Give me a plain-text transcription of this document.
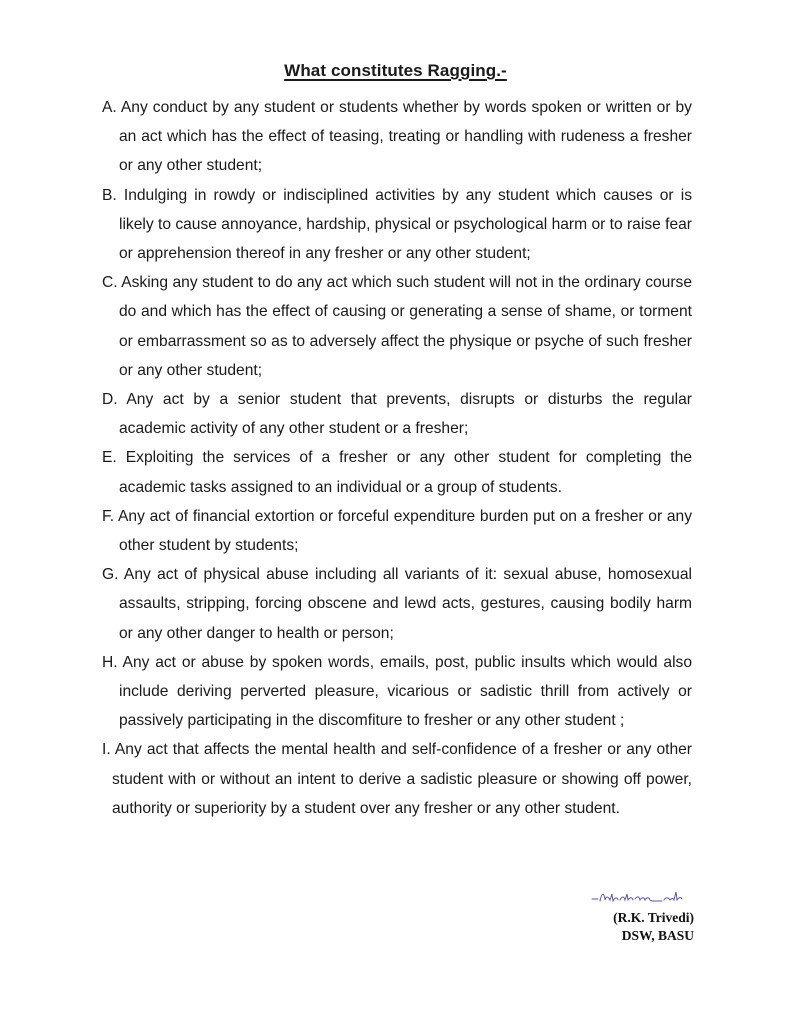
What constitutes Ragging.-
A. Any conduct by any student or students whether by words spoken or written or by an act which has the effect of teasing, treating or handling with rudeness a fresher or any other student;
B. Indulging in rowdy or indisciplined activities by any student which causes or is likely to cause annoyance, hardship, physical or psychological harm or to raise fear or apprehension thereof in any fresher or any other student;
C. Asking any student to do any act which such student will not in the ordinary course do and which has the effect of causing or generating a sense of shame, or torment or embarrassment so as to adversely affect the physique or psyche of such fresher or any other student;
D. Any act by a senior student that prevents, disrupts or disturbs the regular academic activity of any other student or a fresher;
E. Exploiting the services of a fresher or any other student for completing the academic tasks assigned to an individual or a group of students.
F. Any act of financial extortion or forceful expenditure burden put on a fresher or any other student by students;
G. Any act of physical abuse including all variants of it: sexual abuse, homosexual assaults, stripping, forcing obscene and lewd acts, gestures, causing bodily harm or any other danger to health or person;
H. Any act or abuse by spoken words, emails, post, public insults which would also include deriving perverted pleasure, vicarious or sadistic thrill from actively or passively participating in the discomfiture to fresher or any other student ;
I. Any act that affects the mental health and self-confidence of a fresher or any other student with or without an intent to derive a sadistic pleasure or showing off power, authority or superiority by a student over any fresher or any other student.
(R.K. Trivedi)
DSW, BASU
